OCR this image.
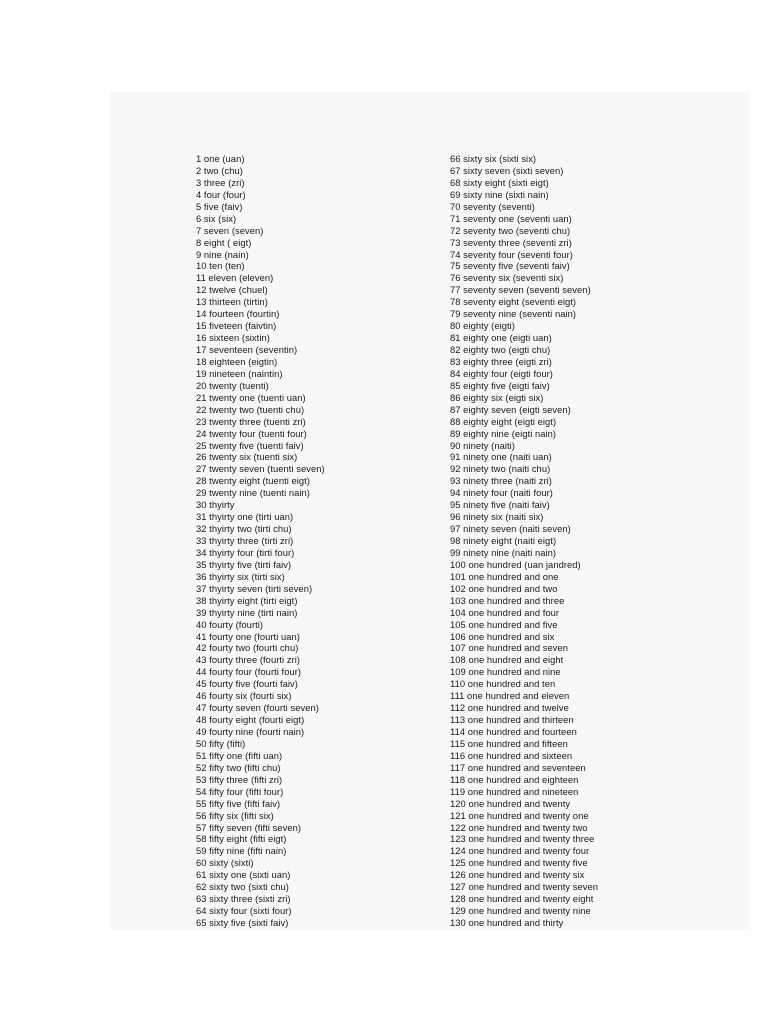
1 one (uan)
2 two (chu)
3 three (zri)
4 four (four)
5 five (faiv)
6 six (six)
7 seven (seven)
8 eight ( eigt)
9 nine (nain)
10 ten (ten)
11 eleven (eleven)
12 twelve (chuel)
13 thirteen (tirtin)
14 fourteen (fourtin)
15 fiveteen (faivtin)
16 sixteen (sixtin)
17 seventeen (seventin)
18 eighteen (eigtin)
19 nineteen (naintin)
20 twenty (tuenti)
21 twenty one (tuenti uan)
22 twenty two (tuenti chu)
23 twenty three (tuenti zri)
24 twenty four (tuenti four)
25 twenty five (tuenti faiv)
26 twenty six (tuenti six)
27 twenty seven (tuenti seven)
28 twenty eight (tuenti eigt)
29 twenty nine (tuenti nain)
30 thyirty
31 thyirty one (tirti uan)
32 thyirty two (tirti chu)
33 thyirty three (tirti zri)
34 thyirty four (tirti four)
35 thyirty five (tirti faiv)
36 thyirty six (tirti six)
37 thyirty seven (tirti seven)
38 thyirty eight (tirti eigt)
39 thyirty nine (tirti nain)
40 fourty (fourti)
41 fourty one (fourti uan)
42 fourty two (fourti chu)
43 fourty three (fourti zri)
44 fourty four (fourti four)
45 fourty five (fourti faiv)
46 fourty six (fourti six)
47 fourty seven (fourti seven)
48 fourty eight (fourti eigt)
49 fourty nine (fourti nain)
50 fifty (fifti)
51 fifty one (fifti uan)
52 fifty two (fifti chu)
53 fifty three (fifti zri)
54 fifty four (fifti four)
55 fifty five (fifti faiv)
56 fifty six (fifti six)
57 fifty seven (fifti seven)
58 fifty eight (fifti eigt)
59 fifty nine (fifti nain)
60 sixty (sixti)
61 sixty one (sixti uan)
62 sixty two (sixti chu)
63 sixty three (sixti zri)
64 sixty four (sixti four)
65 sixty five (sixti faiv)
66 sixty six (sixti six)
67 sixty seven (sixti seven)
68 sixty eight (sixti eigt)
69 sixty nine (sixti nain)
70 seventy (seventi)
71 seventy one (seventi uan)
72 seventy two (seventi chu)
73 seventy three (seventi zri)
74 seventy four (seventi four)
75 seventy five (seventi faiv)
76 seventy six (seventi six)
77 seventy seven (seventi seven)
78 seventy eight (seventi eigt)
79 seventy nine (seventi nain)
80 eighty (eigti)
81 eighty one (eigti uan)
82 eighty two (eigti chu)
83 eighty three (eigti zri)
84 eighty four (eigti four)
85 eighty five (eigti faiv)
86 eighty six (eigti six)
87 eighty seven (eigti seven)
88 eighty eight (eigti eigt)
89 eighty nine (eigti nain)
90 ninety (naiti)
91 ninety one (naiti uan)
92 ninety two (naiti chu)
93 ninety three (naiti zri)
94 ninety four (naiti four)
95 ninety five (naiti faiv)
96 ninety six (naiti six)
97 ninety seven (naiti seven)
98 ninety eight (naiti eigt)
99 ninety nine (naiti nain)
100 one hundred (uan jandred)
101 one hundred and one
102 one hundred and two
103 one hundred and three
104 one hundred and four
105 one hundred and five
106 one hundred and six
107 one hundred and seven
108 one hundred and eight
109 one hundred and nine
110 one hundred and ten
111 one hundred and eleven
112 one hundred and twelve
113 one hundred and thirteen
114 one hundred and fourteen
115 one hundred and fifteen
116 one hundred and sixteen
117 one hundred and seventeen
118 one hundred and eighteen
119 one hundred and nineteen
120 one hundred and twenty
121 one hundred and twenty one
122 one hundred and twenty two
123 one hundred and twenty three
124 one hundred and twenty four
125 one hundred and twenty five
126 one hundred and twenty six
127 one hundred and twenty seven
128 one hundred and twenty eight
129 one hundred and twenty nine
130 one hundred and thirty
